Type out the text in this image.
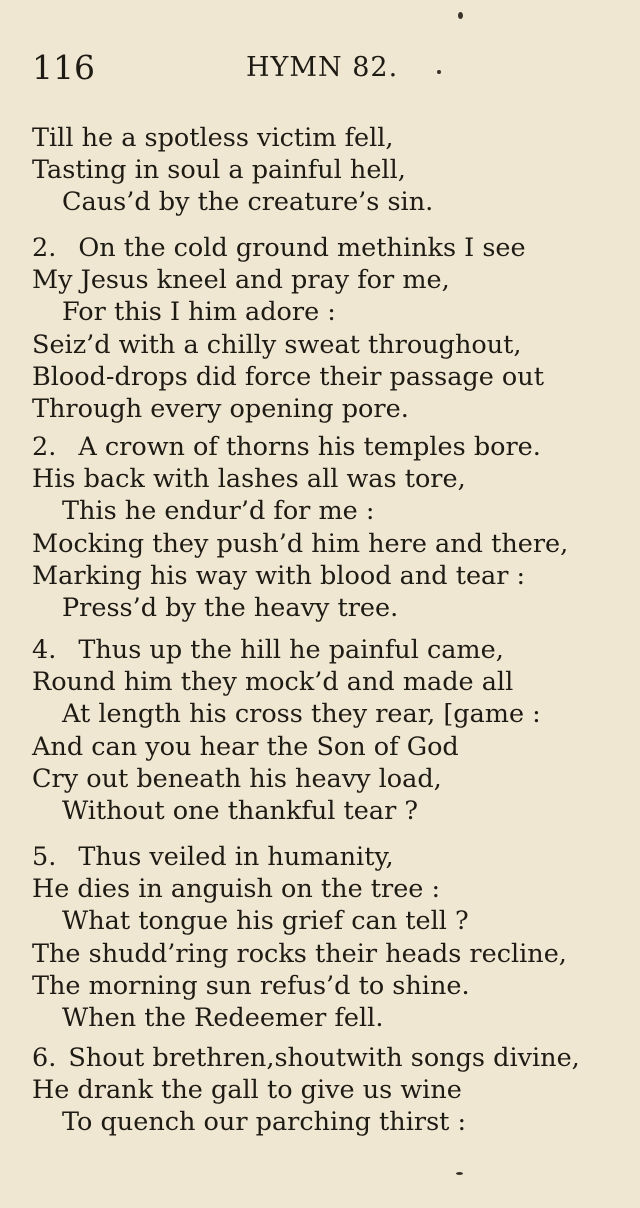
116	HYMN 82.
Till he a spotless victim fell,
Tasting in soul a painful hell,
Caus’d by the creature’s sin.
2. On the cold ground methinks I see
My Jesus kneel and pray for me,
For this I him adore :
Seiz’d with a chilly sweat throughout,
Blood-drops did force their passage out
Through every opening pore.
2. A crown of thorns his temples bore.
His back with lashes all was tore,
This he endur’d for me :
Mocking they push’d him here and there,
Marking his way with blood and tear :
Press’d by the heavy tree.
4. Thus up the hill he painful came,
Round him they mock’d and made all
At length his cross they rear, [game :
And can you hear the Son of God
Cry out beneath his heavy load,
Without one thankful tear ?
5. Thus veiled in humanity,
He dies in anguish on the tree :
What tongue his grief can tell ?
The shudd’ring rocks their heads recline,
The morning sun refus’d to shine.
When the Redeemer fell.
6. Shout brethren,shoutwith songs divine,
He drank the gall to give us wine
To quench our parching thirst :
